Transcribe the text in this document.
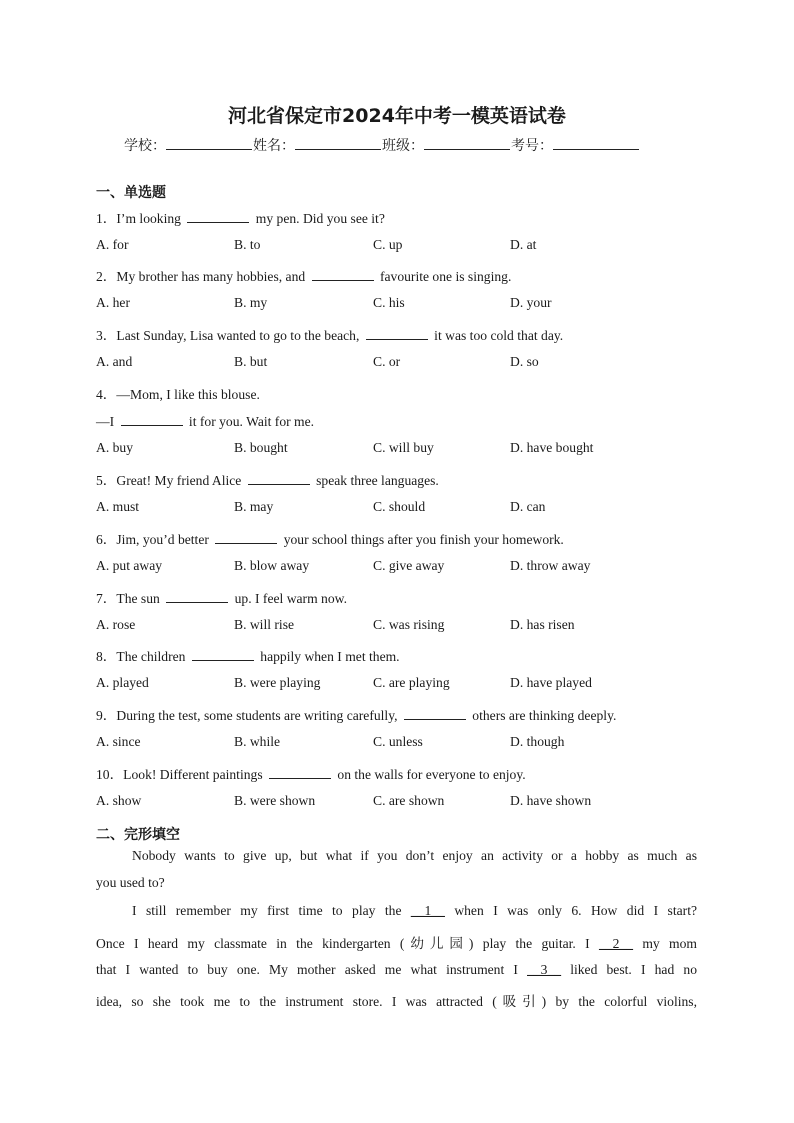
河北省保定市2024年中考一模英语试卷
学校：	姓名：	班级：	考号：
一、单选题
1．I’m looking	my pen. Did you see it?
A. for	B. to	C. up	D. at
2．My brother has many hobbies, and	favourite one is singing.
A. her	B. my	C. his	D. your
3．Last Sunday, Lisa wanted to go to the beach,	it was too cold that day.
A. and	B. but	C. or	D. so
4．—Mom, I like this blouse.
—I	it for you. Wait for me.
A. buy	B. bought	C. will buy	D. have bought
5．Great! My friend Alice	speak three languages.
A. must	B. may	C. should	D. can
6．Jim, you’d better	your school things after you finish your homework.
A. put away	B. blow away	C. give away	D. throw away
7．The sun	up. I feel warm now.
A. rose	B. will rise	C. was rising	D. has risen
8．The children	happily when I met them.
A. played	B. were playing	C. are playing	D. have played
9．During the test, some students are writing carefully,	others are thinking deeply.
A. since	B. while	C. unless	D. though
10．Look! Different paintings	on the walls for everyone to enjoy.
A. show	B. were shown	C. are shown	D. have shown
二、完形填空
Nobody wants to give up, but what if you don’t enjoy an activity or a hobby as much as
you used to?
I still remember my first time to play the __1__ when I was only 6. How did I start?
Once I heard my classmate in the kindergarten (幼儿园) play the guitar. I __2__ my mom
that I wanted to buy one. My mother asked me what instrument I __3__ liked best. I had no
idea, so she took me to the instrument store. I was attracted (吸引) by the colorful violins,
